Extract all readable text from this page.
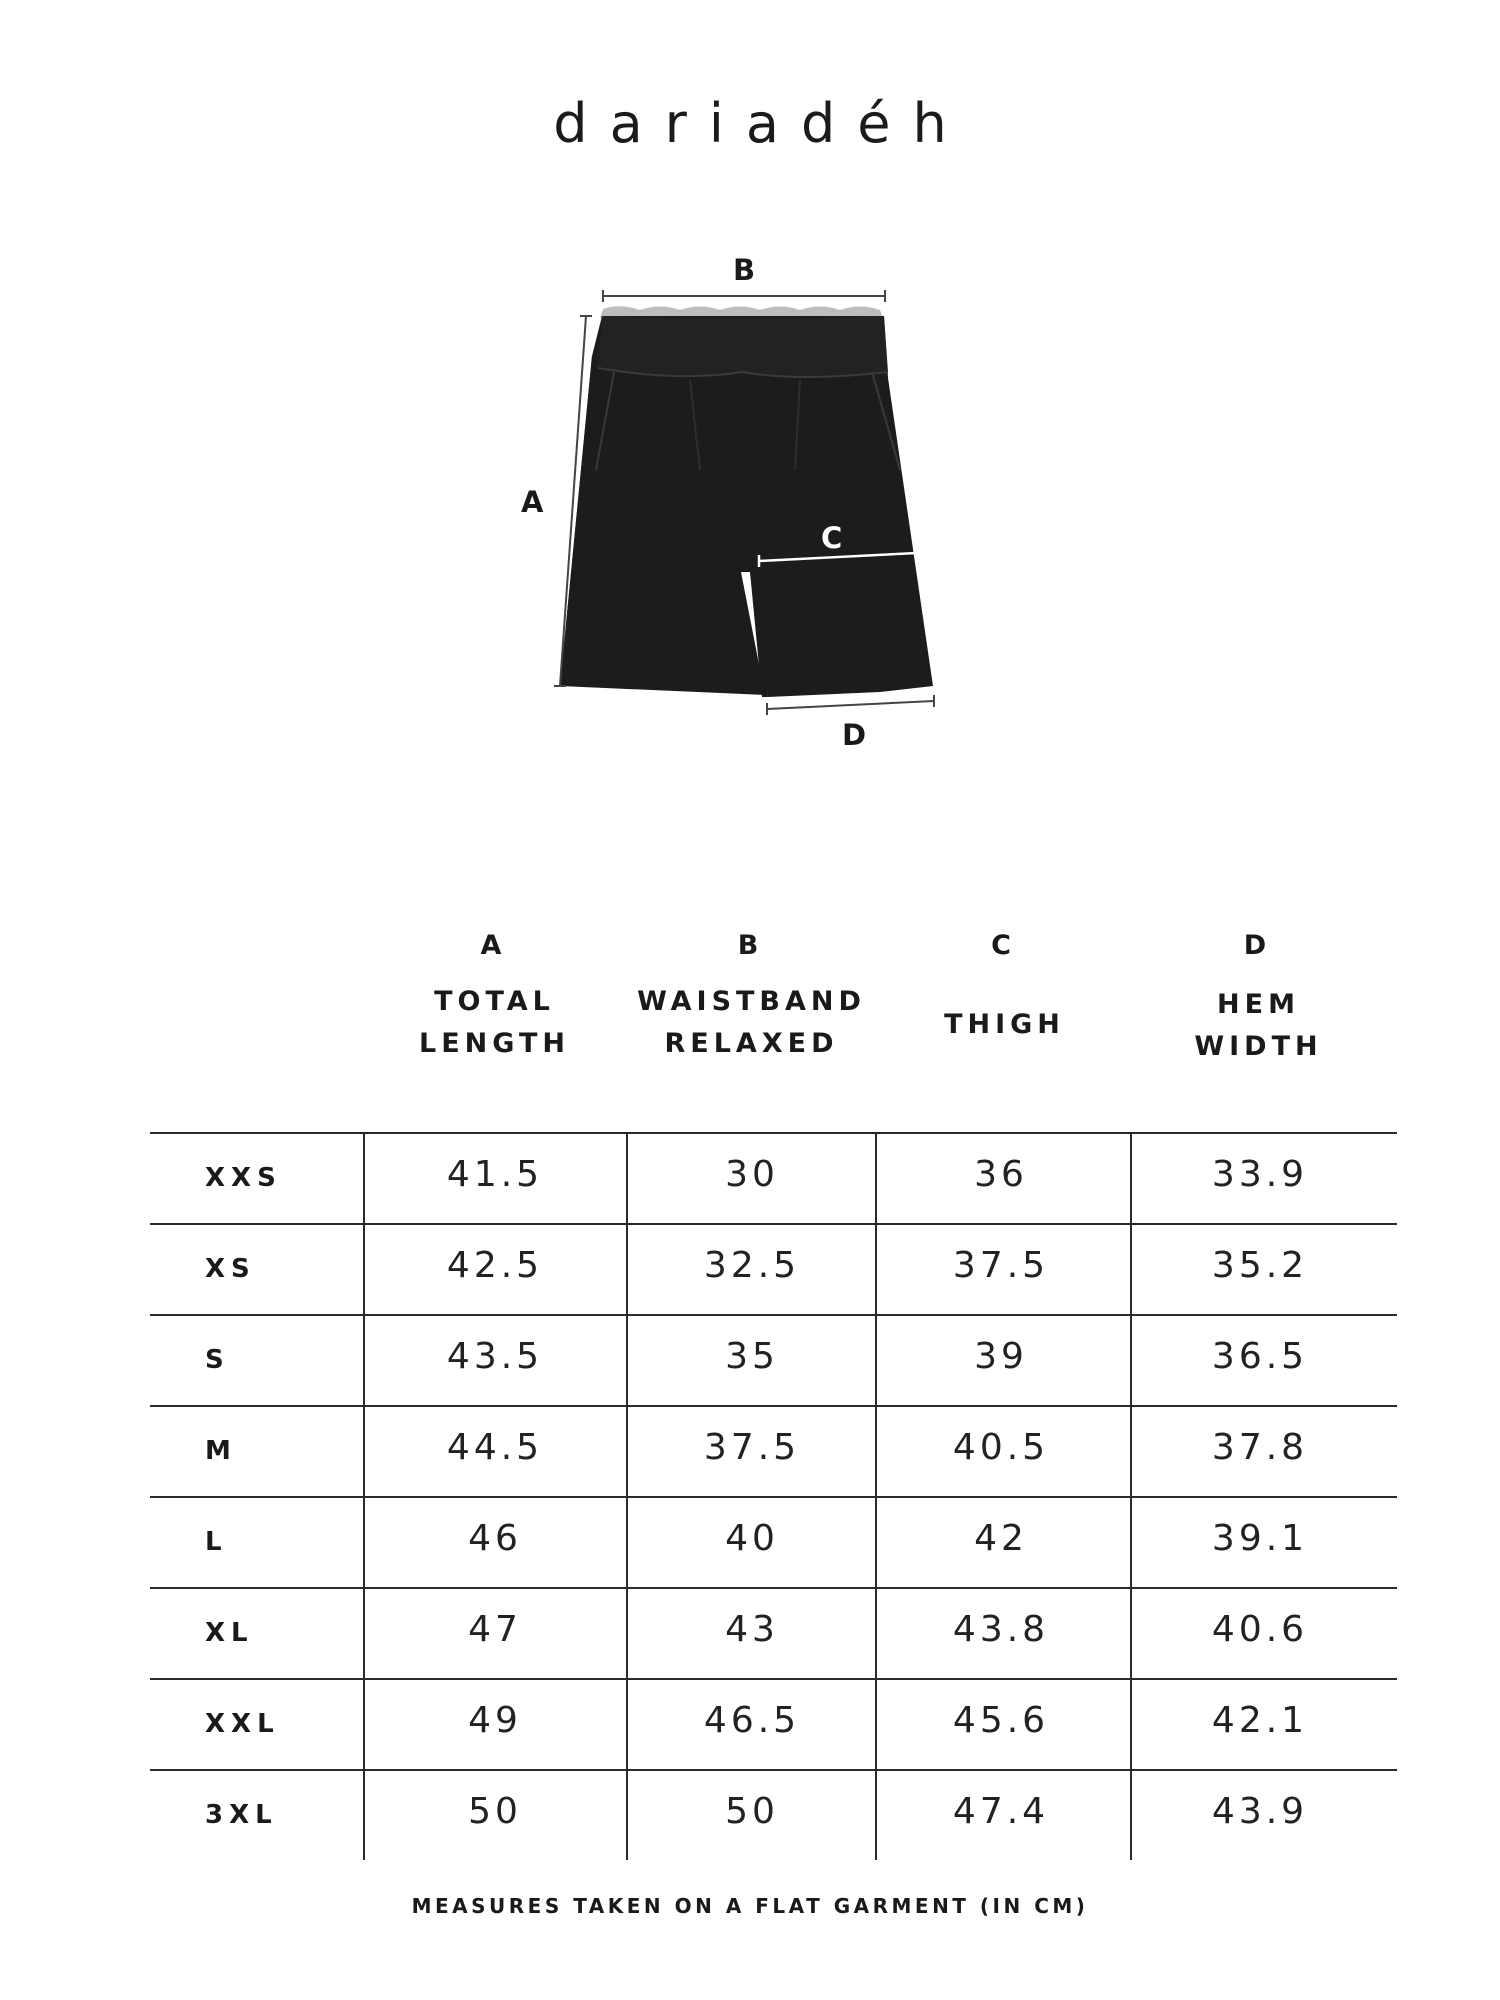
dariadéh
B
A
C
D
A	B	C	D
TOTAL
LENGTH
WAISTBAND
RELAXED
THIGH
HEM
WIDTH
XXS	41.5	30	36	33.9
XS	42.5	32.5	37.5	35.2
S	43.5	35	39	36.5
M	44.5	37.5	40.5	37.8
L	46	40	42	39.1
XL	47	43	43.8	40.6
XXL	49	46.5	45.6	42.1
3XL	50	50	47.4	43.9
MEASURES TAKEN ON A FLAT GARMENT (IN CM)
